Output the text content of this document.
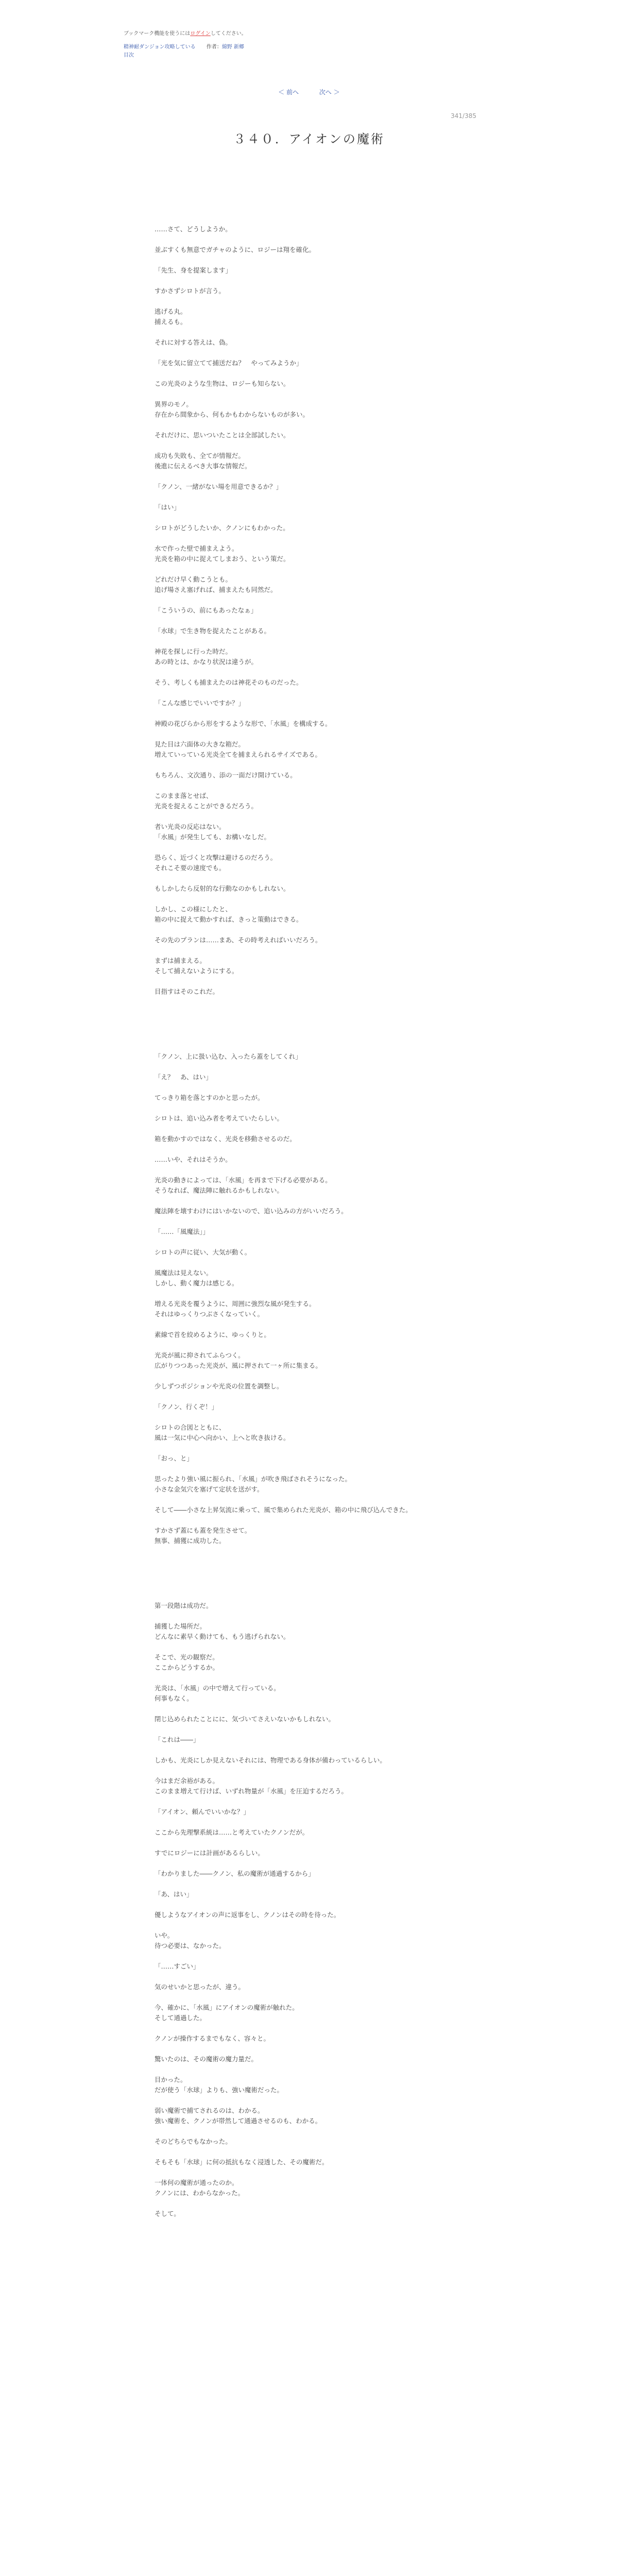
ブックマーク機能を使うにはログインしてください。
精神耐ダンジョン攻略している 作者：綿野 新郷
目次
＜ 前へ	次へ ＞
341/385
３４０．アイオンの魔術

……さて、どうしようか。

並ぶすくも無意でガチャのように、ロジーは翔を確化。

「先生、身を提案します」

すかさずシロトが言う。

逃げる丸。
捕えるも。

それに対する答えは、偽。

「光を気に留立てて捕送だね？　やってみようか」

この光炎のような生物は、ロジーも知らない。

異界のモノ。
存在から間象から、何もかもわからないものが多い。

それだけに、思いついたことは全部試したい。

成功も失敗も、全てが情報だ。
後進に伝えるべき大事な情報だ。

「クノン、一緒がない場を用意できるか？」

「はい」

シロトがどうしたいか、クノンにもわかった。

水で作った壁で捕まえよう。
光炎を箱の中に捉えてしまおう、という策だ。

どれだけ早く動こうとも。
追げ場さえ塞げれば、捕まえたも同然だ。

「こういうの、前にもあったなぁ」

「水球」で生き物を捉えたことがある。

神花を探しに行った時だ。
あの時とは、かなり状況は違うが。

そう、考しくも捕まえたのは神花そのものだった。

「こんな感じでいいですか？」

神殿の花びらから形をするような形で、「水風」を構成する。

見た目は六面体の大きな箱だ。
増えていっている光炎全てを捕まえられるサイズである。

もちろん、文次通り、添の一面だけ開けている。

このまま落とせば、
光炎を捉えることができるだろう。

者い光炎の反応はない。
「水風」が発生しても、お構いなしだ。

恐らく、近づくと攻撃は避けるのだろう。
それこそ要の速度でも。

もしかしたら反射的な行動なのかもしれない。

しかし、この様にしたと、
箱の中に捉えて動かすれば、きっと策動はできる。

その先のプランは……まあ、その時考えればいいだろう。

まずは捕まえる。
そして捕えないようにする。

目指すはそのこれだ。

「クノン、上に扱い込む、入ったら蓋をしてくれ」

「え？　あ、はい」

てっきり箱を落とすのかと思ったが。

シロトは、追い込み者を考えていたらしい。

箱を動かすのではなく、光炎を移動させるのだ。

……いや、それはそうか。

光炎の動きによっては、「水風」を再まで下げる必要がある。
そうなれば、魔法陣に触れるかもしれない。

魔法陣を壊すわけにはいかないので、追い込みの方がいいだろう。

「……「風魔法」」

シロトの声に従い、大気が動く。

風魔法は見えない。
しかし、動く魔力は感じる。

増える光炎を覆うように、周囲に強烈な風が発生する。
それはゆっくりつぶさくなっていく。

素線で首を絞めるように、ゆっくりと。

光炎が風に抑されてふらつく。
広がりつつあった光炎が、風に押されて一ヶ所に集まる。

少しずつポジションや光炎の位置を調整し。

「クノン、行くぞ！」

シロトの合図とともに、
風は一気に中心へ向かい、上へと吹き抜ける。

「おっ、と」

思ったより強い風に振られ、「水風」が吹き飛ばされそうになった。
小さな金気穴を塞げて定状を送がす。

そして――小さな上昇気流に乗って、風で集められた光炎が、箱の中に飛び込んできた。

すかさず蓋にも蓋を発生させて。
無事、捕獲に成功した。

第一段階は成功だ。

捕獲した場所だ。
どんなに素早く動けても、もう逃げられない。

そこで、光の観察だ。
ここからどうするか。

光炎は、「水風」の中で増えて行っている。
何事もなく。

閉じ込められたことにに、気づいてさえいないかもしれない。

「これは――」

しかも、光炎にしか見えないそれには、物理である身体が備わっているらしい。

今はまだ余裕がある。
このまま増えて行けば、いずれ物量が「水風」を圧迫するだろう。

「アイオン、頼んでいいかな？」

ここから先理撃系統は……と考えていたクノンだが。

すでにロジーには計画があるらしい。

「わかりました――クノン、私の魔術が通過するから」

「あ、はい」

優しようなアイオンの声に返事をし、クノンはその時を待った。

いや。
待つ必要は、なかった。

「……すごい」

気のせいかと思ったが、違う。

今、確かに、「水風」にアイオンの魔術が触れた。
そして通過した。

クノンが操作するまでもなく、容々と。

驚いたのは、その魔術の魔力量だ。

目かった。
だが使う「水球」よりも、強い魔術だった。

弱い魔術で捕てされるのは、わかる。
強い魔術を、クノンが帯然して通過させるのも、わかる。

そのどちらでもなかった。

そもそも「水球」に何の抵抗もなく浸透した、その魔術だ。

一体何の魔術が通ったのか。
クノンには、わからなかった。

そして。
